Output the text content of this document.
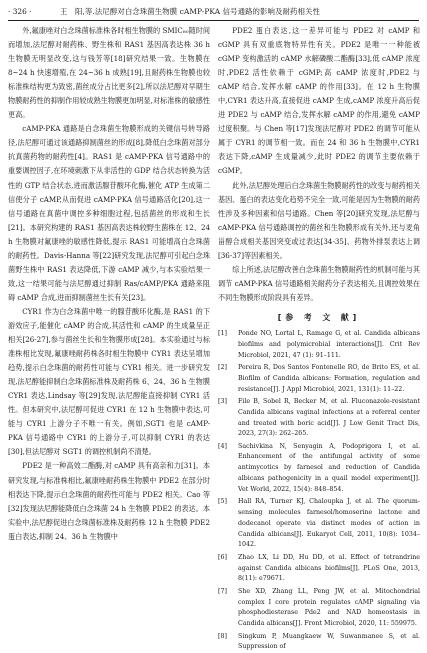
· 326 ·	王　阳,等.法尼醇对白念珠菌生物膜 cAMP-PKA 信号通路的影响及耐药相关性

外,氟康唑对白念珠菌标准株各时相生物膜的 SMIC₈₀随时间而增加,法尼醇对耐药株、野生株和 RAS1 基因高表达株 36 h 生物膜无明显改变,这与钱芳等[18]研究结果一致。生物膜在 8~24 h 快速增殖,在 24~36 h 成熟[19],且耐药株生物膜也较标准株结构更为致密,菌丝成分占比更多[2],所以法尼醇对早期生物膜耐药性的抑制作用较成熟生物膜更加明显,对标准株的敏感性更高。

cAMP-PKA 通路是白念珠菌生物膜形成的关键信号转导路径,法尼醇可通过该通路抑制菌丝的形成[8],降低白念珠菌对部分抗真菌药物的耐药性[4]。RAS1 是 cAMP-PKA 信号通路中的重要调控因子,在环境刺激下从非活性的 GDP 结合状态转换为活性的 GTP 结合状态,进而激活腺苷酸环化酶,催化 ATP 生成第二信使分子 cAMP,从而促进 cAMP-PKA 信号通路活化[20],这一信号通路在真菌中调控多种细胞过程,包括菌丝的形成和生长[21]。本研究构建的 RAS1 基因高表达株较野生菌株在 12、24 h 生物膜对氟康唑的敏感性降低,提示 RAS1 可能增高白念珠菌的耐药性。Davis-Hanna 等[22]研究发现,法尼醇可引起白念珠菌野生株中 RAS1 表达降低,下游 cAMP 减少,与本实验结果一致,这一结果可能与法尼醇通过抑制 Ras/cAMP/PKA 通路来阻碍 cAMP 合成,进而抑制菌丝生长有关[23]。

CYR1 作为白念珠菌中唯一的腺苷酸环化酶,是 RAS1 的下游效应子,能催化 cAMP 的合成,其活性和 cAMP 的生成量呈正相关[26-27],参与菌丝生长和生物膜形成[28]。本实验通过与标准株相比发现,氟康唑耐药株各时相生物膜中 CYR1 表达呈增加趋势,提示白念珠菌的耐药性可能与 CYR1 相关。进一步研究发现,法尼醇能抑制白念珠菌标准株及耐药株 6、24、36 h 生物膜 CYR1 表达,Lindsay 等[29]发现,法尼醇能直接抑制 CYR1 活性。但本研究中,法尼醇可促进 CYR1 在 12 h 生物膜中表达,可能与 CYR1 上游分子不唯一有关。例如,SGT1 也是 cAMP-PKA 信号通路中 CYR1 的上游分子,可以抑制 CYR1 的表达[30],但法尼醇对 SGT1 的调控机制尚不清楚。

PDE2 是一种高效二酯酶,对 cAMP 具有高亲和力[31]。本研究发现,与标准株相比,氟康唑耐药株生物膜中 PDE2 在部分时相表达下降,提示白念珠菌的耐药性可能与 PDE2 相关。Cao 等[32]发现法尼醇能降低白念珠菌 24 h 生物膜 PDE2 的表达。本实验中,法尼醇促进白念珠菌标准株及耐药株 12 h 生物膜 PDE2 蛋白表达,抑制 24、36 h 生物膜中

PDE2 蛋白表达,这一差异可能与 PDE2 对 cAMP 和 cGMP 具有双重底物特异性有关。PDE2 是唯一一种能被 cGMP 变构激活的 cAMP 水解磷酸二酯酶[33],低 cAMP 浓度时,PDE2 活性依赖于 cGMP;高 cAMP 浓度时,PDE2 与 cAMP 结合,发挥水解 cAMP 的作用[33]。在 12 h 生物膜中,CYR1 表达升高,直接促进 cAMP 生成,cAMP 浓度升高后促进 PDE2 与 cAMP 结合,发挥水解 cAMP 的作用,避免 cAMP 过度积聚。与 Chen 等[17]发现法尼醇对 PDE2 的调节可能从属于 CYR1 的调节相一致。而在 24 和 36 h 生物膜中,CYR1 表达下降,cAMP 生成量减少,此时 PDE2 的调节主要依赖于 cGMP。

此外,法尼醇处理后白念珠菌生物膜耐药性的改变与耐药相关基因、蛋白的表达变化趋势不完全一致,可能是因为生物膜的耐药性涉及多种因素和信号通路。Chen 等[20]研究发现,法尼醇与 cAMP-PKA 信号通路调控的菌丝和生物膜形成有关外,还与麦角甾醇合成相关基因突变或过表达[34-35]、药物外排泵表达上调[36-37]等因素相关。

综上所述,法尼醇改善白念珠菌生物膜耐药性的机制可能与其调节 cAMP-PKA 信号通路相关耐药分子表达相关,且调控效果在不同生物膜形成阶段具有差异。

[参 考 文 献]
[1] Ponde NO, Lortal L, Ramage G, et al. Candida albicans biofilms and polymicrobial interactions[J]. Crit Rev Microbiol, 2021, 47 (1): 91–111.
[2] Pereira R, Dos Santos Fontenelle RO, de Brito ES, et al. Biofilm of Candida albicans: Formation, regulation and resistance[J]. J Appl Microbiol, 2021, 131(1): 11–22.
[3] File B, Sobel R, Becker M, et al. Fluconazole-resistant Candida albicans vaginal infections at a referral center and treated with boric acid[J]. J Low Genit Tract Dis, 2023, 27(3): 262–265.
[4] Sachivkina N, Senyagin A, Podoprigora I, et al. Enhancement of the antifungal activity of some antimycotics by farnesol and reduction of Candida albicans pathogenicity in a quail model experiment[J]. Vet World, 2022, 15(4): 848–854.
[5] Hall RA, Turner KJ, Chaloupka J, et al. The quorum-sensing molecules farnesol/homoserine lactone and dodecanol operate via distinct modes of action in Candida albicans[J]. Eukaryot Cell, 2011, 10(8): 1034–1042.
[6] Zhao LX, Li DD, Hu DD, et al. Effect of tetrandrine against Candida albicans biofilms[J]. PLoS One, 2013, 8(11): e79671.
[7] She XD, Zhang LL, Peng JW, et al. Mitochondrial complex I core protein regulates cAMP signaling via phosphodiesterase Pde2 and NAD homeostasis in Candida albicans[J]. Front Microbiol, 2020, 11: 559975.
[8] Singkum P, Muangkaew W, Suwanmanee S, et al. Suppression of
